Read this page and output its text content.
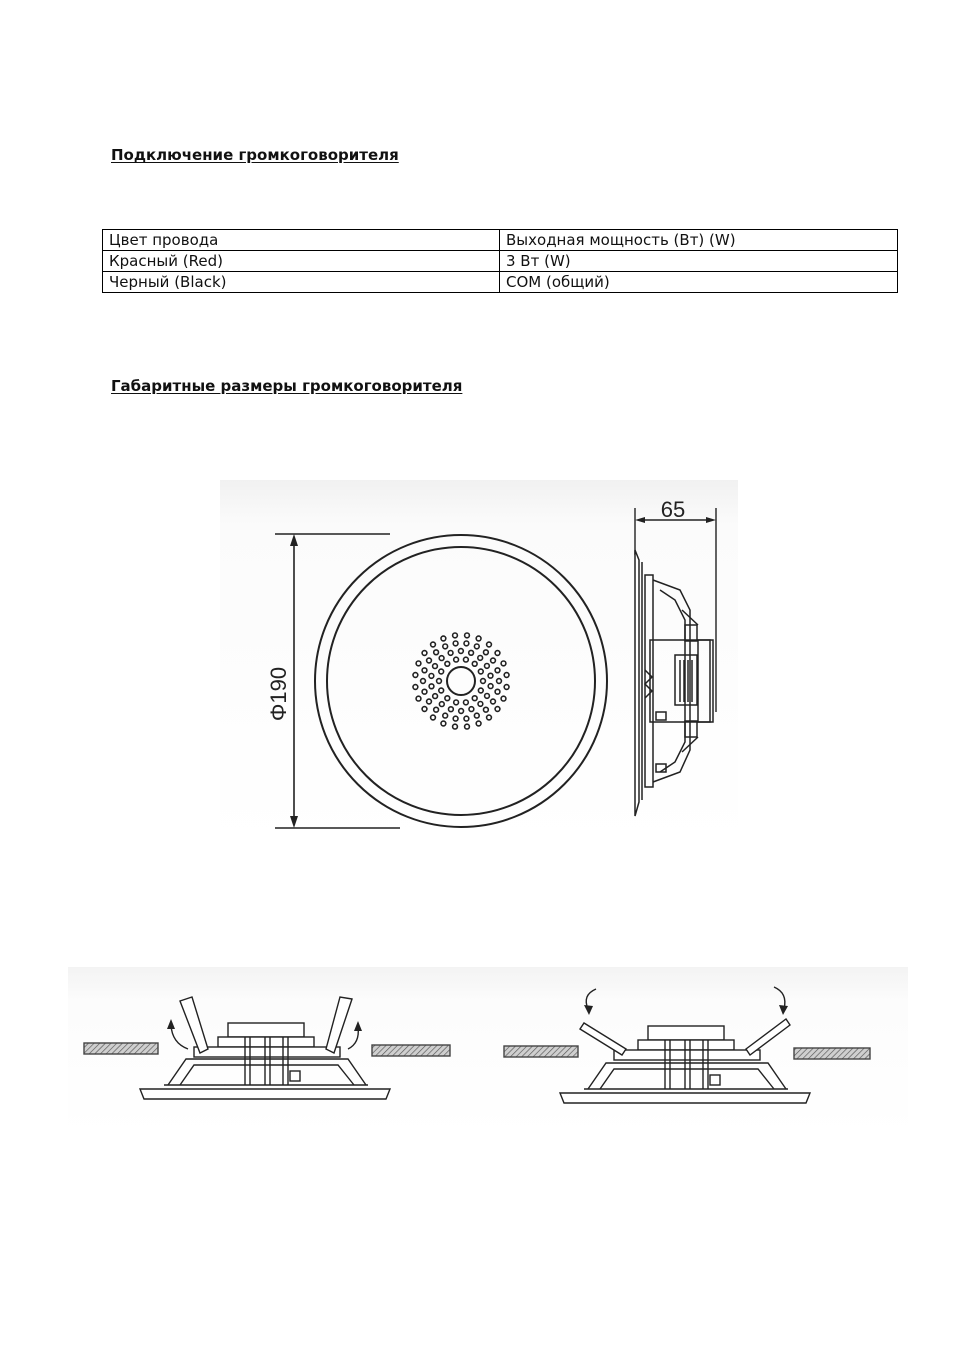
Подключение громкоговорителя
Цвет провода	Выходная мощность (Вт) (W)
Красный (Red)	3 Вт (W)
Черный (Black)	COM (общий)
Габаритные размеры громкоговорителя
Φ190
65
